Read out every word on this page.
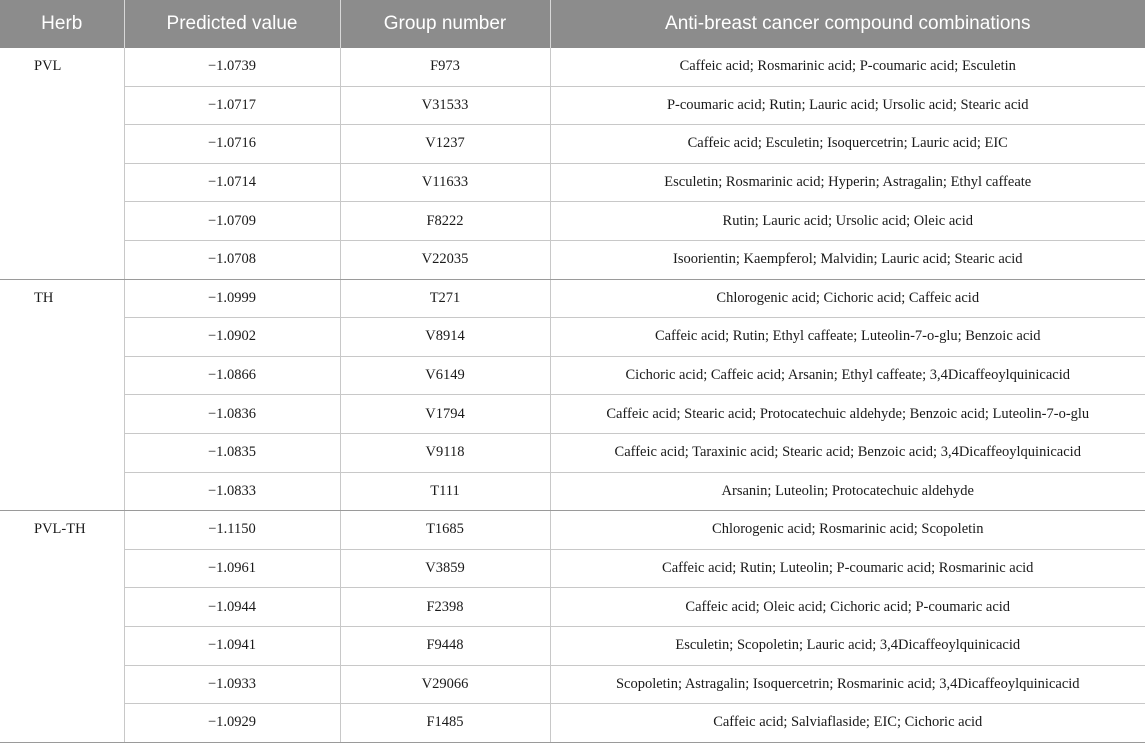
Herb	Predicted value	Group number	Anti-breast cancer compound combinations
PVL	−1.0739	F973	Caffeic acid; Rosmarinic acid; P-coumaric acid; Esculetin
	−1.0717	V31533	P-coumaric acid; Rutin; Lauric acid; Ursolic acid; Stearic acid
	−1.0716	V1237	Caffeic acid; Esculetin; Isoquercetrin; Lauric acid; EIC
	−1.0714	V11633	Esculetin; Rosmarinic acid; Hyperin; Astragalin; Ethyl caffeate
	−1.0709	F8222	Rutin; Lauric acid; Ursolic acid; Oleic acid
	−1.0708	V22035	Isoorientin; Kaempferol; Malvidin; Lauric acid; Stearic acid
TH	−1.0999	T271	Chlorogenic acid; Cichoric acid; Caffeic acid
	−1.0902	V8914	Caffeic acid; Rutin; Ethyl caffeate; Luteolin-7-o-glu; Benzoic acid
	−1.0866	V6149	Cichoric acid; Caffeic acid; Arsanin; Ethyl caffeate; 3,4Dicaffeoylquinicacid
	−1.0836	V1794	Caffeic acid; Stearic acid; Protocatechuic aldehyde; Benzoic acid; Luteolin-7-o-glu
	−1.0835	V9118	Caffeic acid; Taraxinic acid; Stearic acid; Benzoic acid; 3,4Dicaffeoylquinicacid
	−1.0833	T111	Arsanin; Luteolin; Protocatechuic aldehyde
PVL-TH	−1.1150	T1685	Chlorogenic acid; Rosmarinic acid; Scopoletin
	−1.0961	V3859	Caffeic acid; Rutin; Luteolin; P-coumaric acid; Rosmarinic acid
	−1.0944	F2398	Caffeic acid; Oleic acid; Cichoric acid; P-coumaric acid
	−1.0941	F9448	Esculetin; Scopoletin; Lauric acid; 3,4Dicaffeoylquinicacid
	−1.0933	V29066	Scopoletin; Astragalin; Isoquercetrin; Rosmarinic acid; 3,4Dicaffeoylquinicacid
	−1.0929	F1485	Caffeic acid; Salviaflaside; EIC; Cichoric acid
